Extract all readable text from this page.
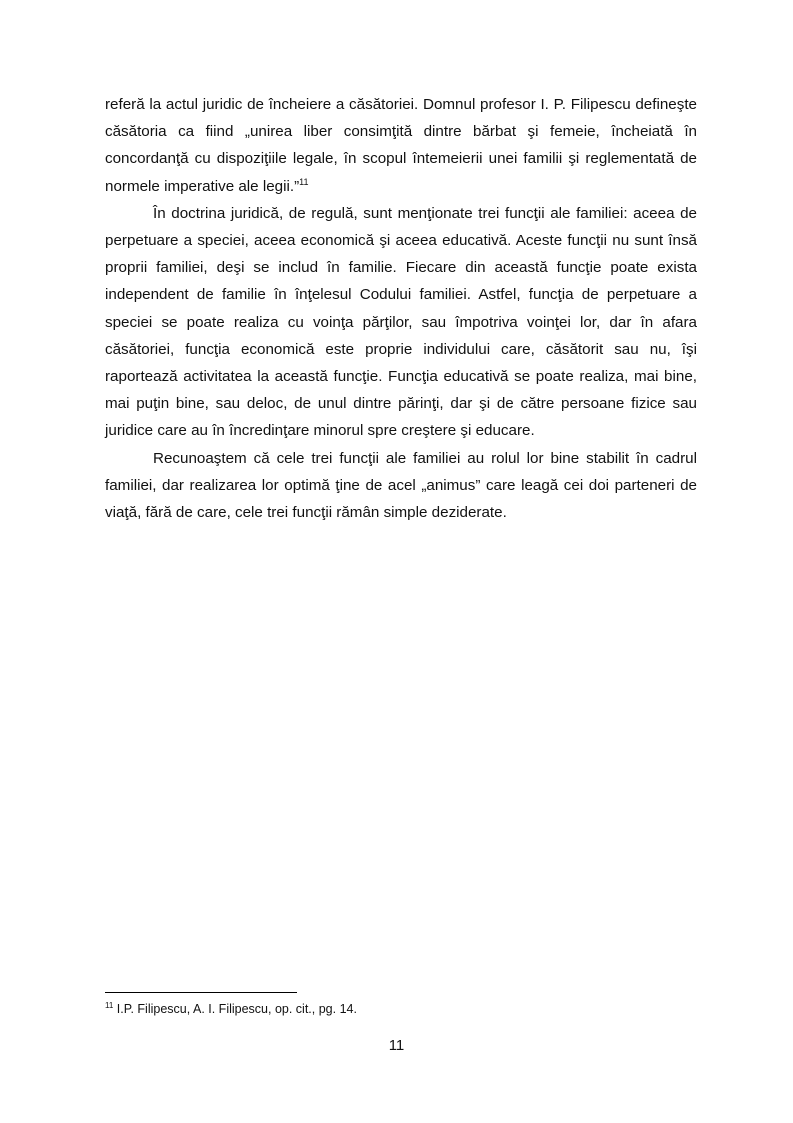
referă la actul juridic de încheiere a căsătoriei. Domnul profesor I. P. Filipescu defineşte căsătoria ca fiind „unirea liber consimţită dintre bărbat şi femeie, încheiată în concordanţă cu dispoziţiile legale, în scopul întemeierii unei familii şi reglementată de normele imperative ale legii.”$^{11}$

În doctrina juridică, de regulă, sunt menţionate trei funcţii ale familiei: aceea de perpetuare a speciei, aceea economică şi aceea educativă. Aceste funcţii nu sunt însă proprii familiei, deşi se includ în familie. Fiecare din această funcţie poate exista independent de familie în înţelesul Codului familiei. Astfel, funcţia de perpetuare a speciei se poate realiza cu voinţa părţilor, sau împotriva voinţei lor, dar în afara căsătoriei, funcţia economică este proprie individului care, căsătorit sau nu, îşi raportează activitatea la această funcţie. Funcţia educativă se poate realiza, mai bine, mai puţin bine, sau deloc, de unul dintre părinţi, dar şi de către persoane fizice sau juridice care au în încredinţare minorul spre creştere şi educare.

Recunoaştem că cele trei funcţii ale familiei au rolul lor bine stabilit în cadrul familiei, dar realizarea lor optimă ţine de acel „animus” care leagă cei doi parteneri de viaţă, fără de care, cele trei funcţii rămân simple deziderate.

$^{11}$ I.P. Filipescu, A. I. Filipescu, op. cit., pg. 14.
11
